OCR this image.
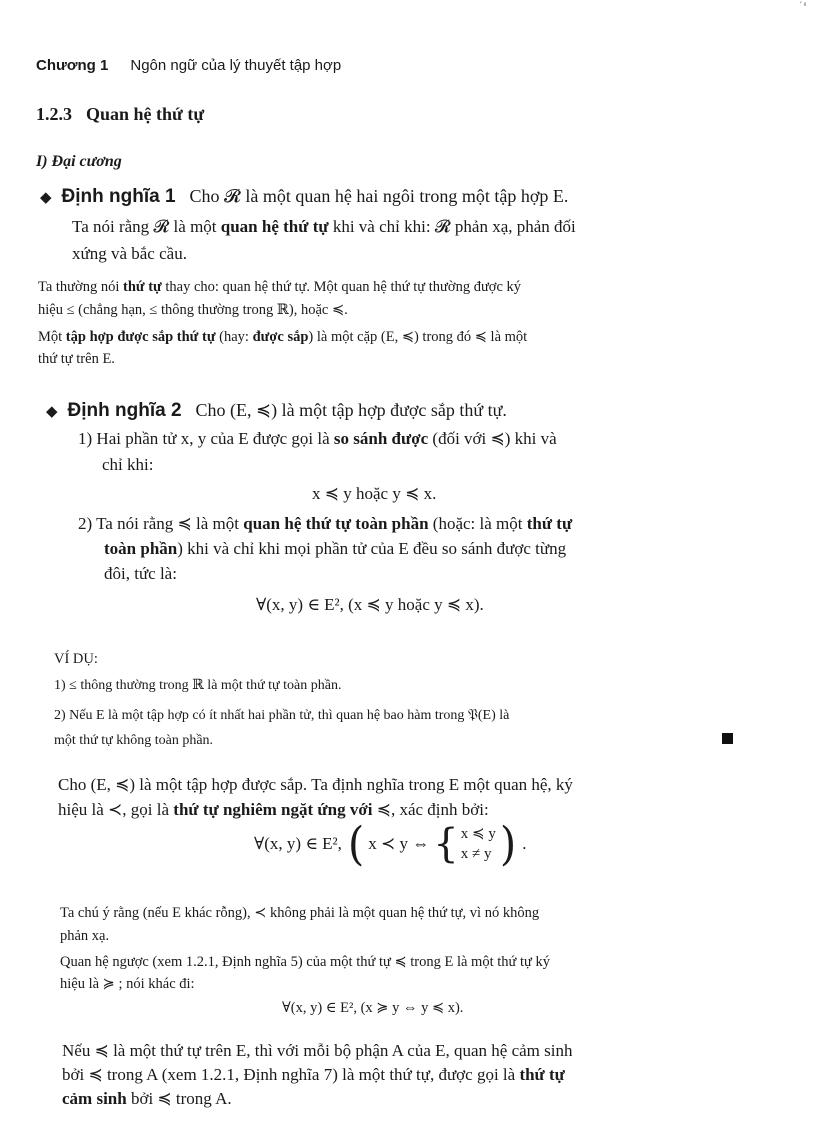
ʹ ᵍ
Chương 1 Ngôn ngữ của lý thuyết tập hợp
1.2.3 Quan hệ thứ tự
I) Đại cương
◆ Định nghĩa 1 Cho 𝓡 là một quan hệ hai ngôi trong một tập hợp E.
Ta nói rằng 𝓡 là một quan hệ thứ tự khi và chỉ khi: 𝓡 phản xạ, phản đối
xứng và bắc cầu.
Ta thường nói thứ tự thay cho: quan hệ thứ tự. Một quan hệ thứ tự thường được ký
hiệu ≤ (chẳng hạn, ≤ thông thường trong ℝ), hoặc ≼.
Một tập hợp được sắp thứ tự (hay: được sắp) là một cặp (E, ≼) trong đó ≼ là một
thứ tự trên E.
◆ Định nghĩa 2 Cho (E, ≼) là một tập hợp được sắp thứ tự.
1) Hai phần tử x, y của E được gọi là so sánh được (đối với ≼) khi và
chỉ khi:
x ≼ y hoặc y ≼ x.
2) Ta nói rằng ≼ là một quan hệ thứ tự toàn phần (hoặc: là một thứ tự
toàn phần) khi và chỉ khi mọi phần tử của E đều so sánh được từng
đôi, tức là:
∀(x, y) ∈ E², (x ≼ y hoặc y ≼ x).
VÍ DỤ:
1) ≤ thông thường trong ℝ là một thứ tự toàn phần.
2) Nếu E là một tập hợp có ít nhất hai phần tử, thì quan hệ bao hàm trong 𝔓(E) là
một thứ tự không toàn phần.
Cho (E, ≼) là một tập hợp được sắp. Ta định nghĩa trong E một quan hệ, ký
hiệu là ≺, gọi là thứ tự nghiêm ngặt ứng với ≼, xác định bởi:
∀(x, y) ∈ E², ( x ≺ y ⇔ { x ≼ y
x ≠ y ) .
Ta chú ý rằng (nếu E khác rỗng), ≺ không phải là một quan hệ thứ tự, vì nó không
phản xạ.
Quan hệ ngược (xem 1.2.1, Định nghĩa 5) của một thứ tự ≼ trong E là một thứ tự ký
hiệu là ≽ ; nói khác đi:
∀(x, y) ∈ E², (x ≽ y ⇔ y ≼ x).
Nếu ≼ là một thứ tự trên E, thì với mỗi bộ phận A của E, quan hệ cảm sinh
bởi ≼ trong A (xem 1.2.1, Định nghĩa 7) là một thứ tự, được gọi là thứ tự
cảm sinh bởi ≼ trong A.
